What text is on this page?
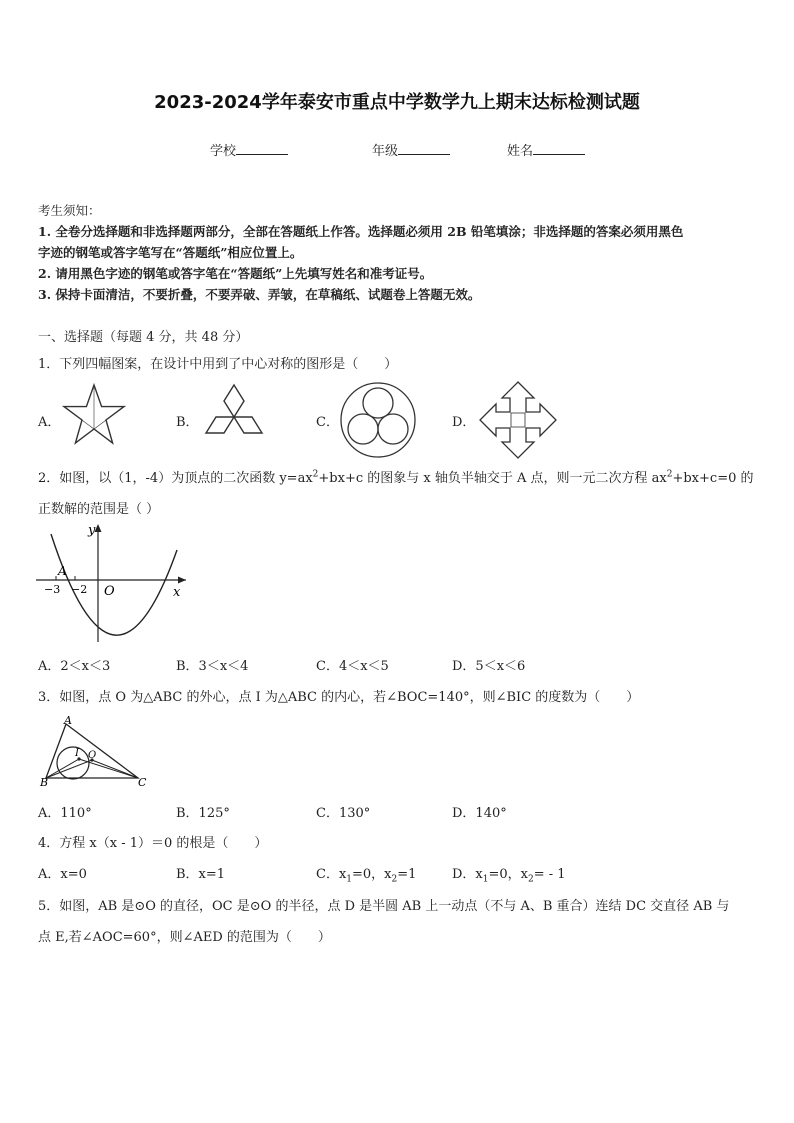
2023-2024学年泰安市重点中学数学九上期末达标检测试题
学校	年级	姓名
考生须知：
1. 全卷分选择题和非选择题两部分，全部在答题纸上作答。选择题必须用 2B 铅笔填涂；非选择题的答案必须用黑色
字迹的钢笔或答字笔写在“答题纸”相应位置上。
2. 请用黑色字迹的钢笔或答字笔在“答题纸”上先填写姓名和准考证号。
3. 保持卡面清洁，不要折叠，不要弄破、弄皱，在草稿纸、试题卷上答题无效。
一、选择题（每题 4 分，共 48 分）
1．下列四幅图案，在设计中用到了中心对称的图形是（　　）
A．	B．	C．	D．
2．如图，以（1，-4）为顶点的二次函数 $y=ax^2+bx+c$ 的图象与 x 轴负半轴交于 A 点，则一元二次方程 $ax^2+bx+c=0$ 的
正数解的范围是（ ）
y
x
O
A
−3 −2
A．2＜x＜3	B．3＜x＜4	C．4＜x＜5	D．5＜x＜6
3．如图，点 O 为△ABC 的外心，点 I 为△ABC 的内心，若∠BOC=140°，则∠BIC 的度数为（　　）
A
B	C
I O
A．110°	B．125°	C．130°	D．140°
4．方程 x（x - 1）＝0 的根是（　　）
A．x=0	B．x=1	C．$x_1=0$，$x_2=1$	D．$x_1=0$，$x_2= - 1$
5．如图，AB 是⊙O 的直径，OC 是⊙O 的半径，点 D 是半圆 AB 上一动点（不与 A、B 重合）连结 DC 交直径 AB 与
点 E,若∠AOC=60°，则∠AED 的范围为（　　）
